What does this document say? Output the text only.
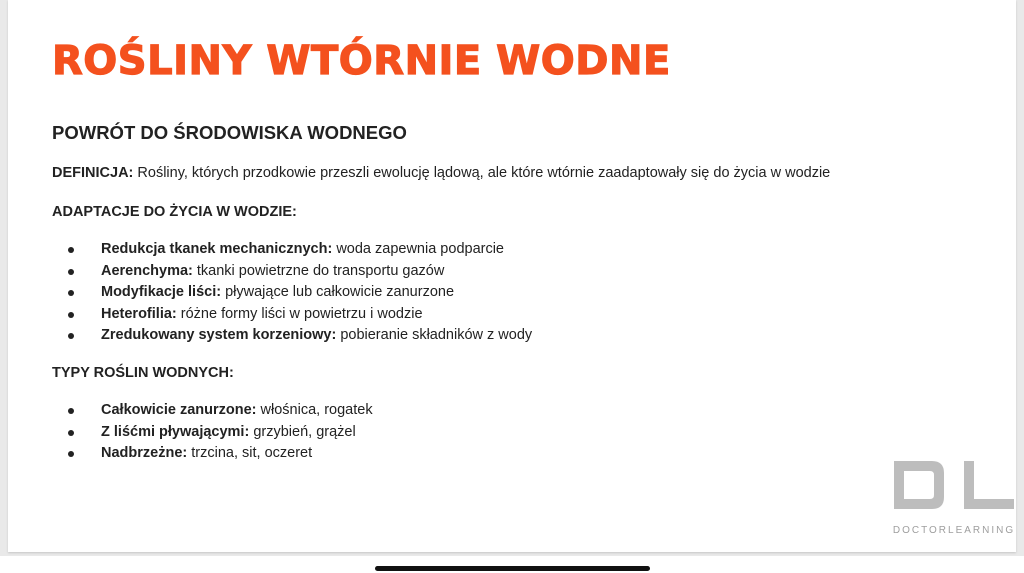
ROŚLINY WTÓRNIE WODNE
POWRÓT DO ŚRODOWISKA WODNEGO
DEFINICJA: Rośliny, których przodkowie przeszli ewolucję lądową, ale które wtórnie zaadaptowały się do życia w wodzie
ADAPTACJE DO ŻYCIA W WODZIE:
Redukcja tkanek mechanicznych: woda zapewnia podparcie
Aerenchyma: tkanki powietrzne do transportu gazów
Modyfikacje liści: pływające lub całkowicie zanurzone
Heterofilia: różne formy liści w powietrzu i wodzie
Zredukowany system korzeniowy: pobieranie składników z wody
TYPY ROŚLIN WODNYCH:
Całkowicie zanurzone: włośnica, rogatek
Z liśćmi pływającymi: grzybień, grążel
Nadbrzeżne: trzcina, sit, oczeret
DOCTORLEARNING
